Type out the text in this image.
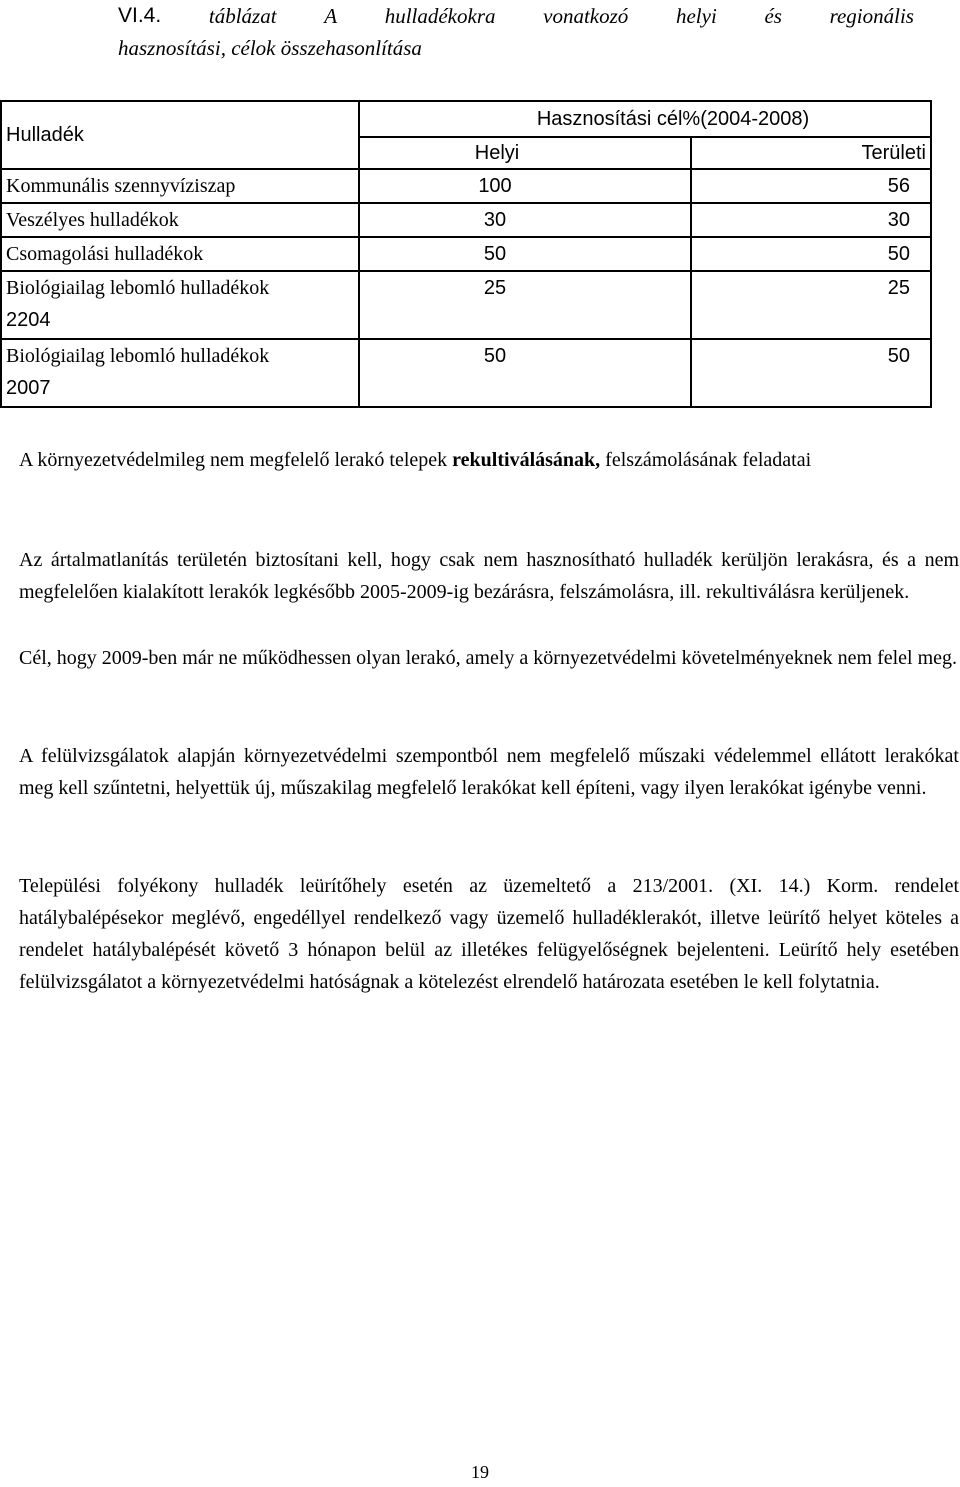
VI.4. táblázat A hulladékokra vonatkozó helyi és regionális
hasznosítási, célok összehasonlítása
Hulladék	Hasznosítási cél%(2004-2008)	
	Helyi	Területi
Kommunális szennyvíziszap	100	56
Veszélyes hulladékok	30	30
Csomagolási hulladékok	50	50

Biológiailag lebomló hulladékok
2204	25	25

Biológiailag lebomló hulladékok
2007	50	50
A környezetvédelmileg nem megfelelő lerakó telepek rekultiválásának, felszámolásának feladatai
Az ártalmatlanítás területén biztosítani kell, hogy csak nem hasznosítható hulladék kerüljön lerakásra, és a nem megfelelően kialakított lerakók legkésőbb 2005-2009-ig bezárásra, felszámolásra, ill. rekultiválásra kerüljenek.
Cél, hogy 2009-ben már ne működhessen olyan lerakó, amely a környezetvédelmi követelményeknek nem felel meg.
A felülvizsgálatok alapján környezetvédelmi szempontból nem megfelelő műszaki védelemmel ellátott lerakókat meg kell szűntetni, helyettük új, műszakilag megfelelő lerakókat kell építeni, vagy ilyen lerakókat igénybe venni.
Települési folyékony hulladék leürítőhely esetén az üzemeltető a 213/2001. (XI. 14.) Korm. rendelet hatálybalépésekor meglévő, engedéllyel rendelkező vagy üzemelő hulladéklerakót, illetve leürítő helyet köteles a rendelet hatálybalépését követő 3 hónapon belül az illetékes felügyelőségnek bejelenteni. Leürítő hely esetében felülvizsgálatot a környezetvédelmi hatóságnak a kötelezést elrendelő határozata esetében le kell folytatnia.
19
